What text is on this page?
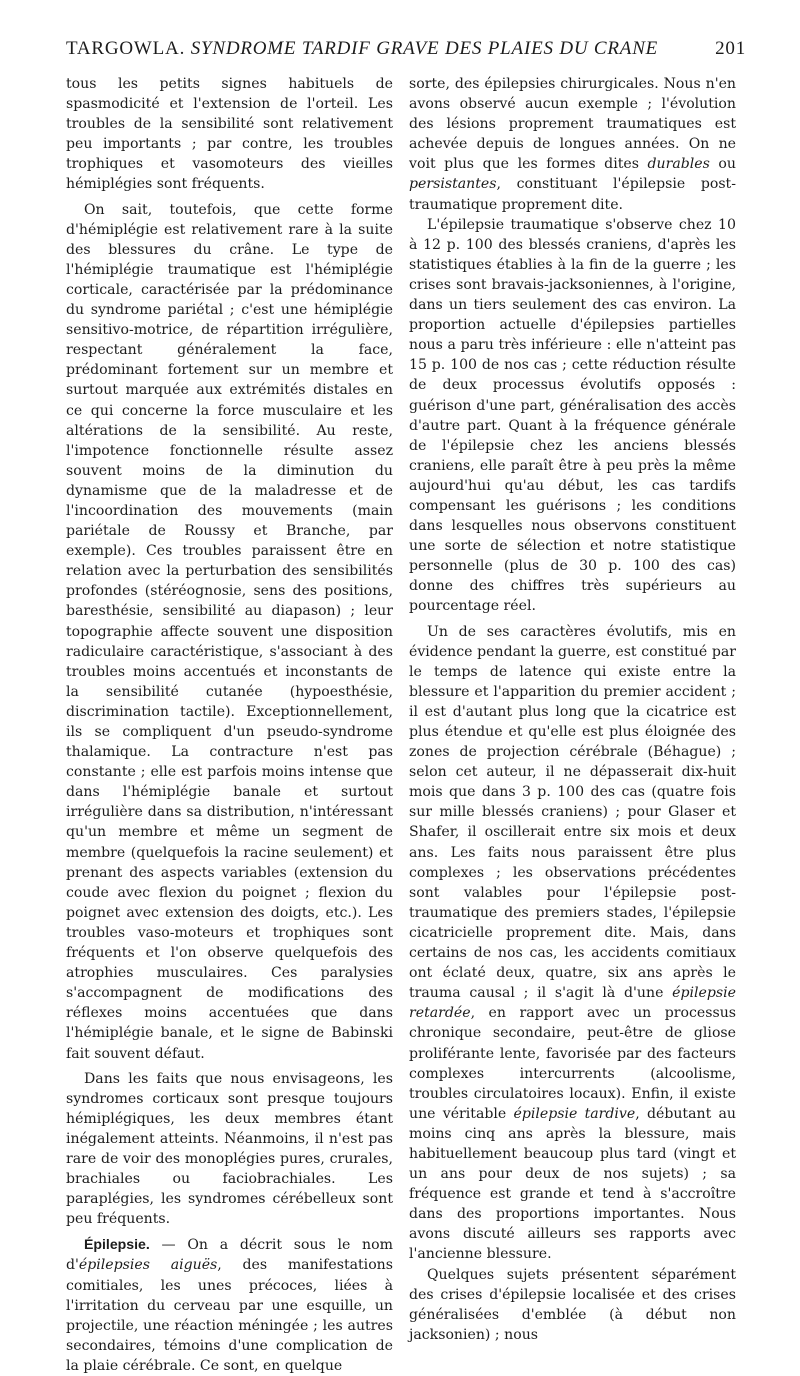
TARGOWLA. SYNDROME TARDIF GRAVE DES PLAIES DU CRANE	201

tous les petits signes habituels de spasmodicité et l'extension de l'orteil. Les troubles de la sensibilité sont relativement peu importants ; par contre, les troubles trophiques et vasomoteurs des vieilles hémiplégies sont fréquents.

On sait, toutefois, que cette forme d'hémiplégie est relativement rare à la suite des blessures du crâne. Le type de l'hémiplégie traumatique est l'hémiplégie corticale, caractérisée par la prédominance du syndrome pariétal ; c'est une hémiplégie sensitivo-motrice, de répartition irrégulière, respectant généralement la face, prédominant fortement sur un membre et surtout marquée aux extrémités distales en ce qui concerne la force musculaire et les altérations de la sensibilité. Au reste, l'impotence fonctionnelle résulte assez souvent moins de la diminution du dynamisme que de la maladresse et de l'incoordination des mouvements (main pariétale de Roussy et Branche, par exemple). Ces troubles paraissent être en relation avec la perturbation des sensibilités profondes (stéréognosie, sens des positions, baresthésie, sensibilité au diapason) ; leur topographie affecte souvent une disposition radiculaire caractéristique, s'associant à des troubles moins accentués et inconstants de la sensibilité cutanée (hypoesthésie, discrimination tactile). Exceptionnellement, ils se compliquent d'un pseudo-syndrome thalamique. La contracture n'est pas constante ; elle est parfois moins intense que dans l'hémiplégie banale et surtout irrégulière dans sa distribution, n'intéressant qu'un membre et même un segment de membre (quelquefois la racine seulement) et prenant des aspects variables (extension du coude avec flexion du poignet ; flexion du poignet avec extension des doigts, etc.). Les troubles vaso-moteurs et trophiques sont fréquents et l'on observe quelquefois des atrophies musculaires. Ces paralysies s'accompagnent de modifications des réflexes moins accentuées que dans l'hémiplégie banale, et le signe de Babinski fait souvent défaut.

Dans les faits que nous envisageons, les syndromes corticaux sont presque toujours hémiplégiques, les deux membres étant inégalement atteints. Néanmoins, il n'est pas rare de voir des monoplégies pures, crurales, brachiales ou faciobrachiales. Les paraplégies, les syndromes cérébelleux sont peu fréquents.

Épilepsie. — On a décrit sous le nom d'épilepsies aiguës, des manifestations comitiales, les unes précoces, liées à l'irritation du cerveau par une esquille, un projectile, une réaction méningée ; les autres secondaires, témoins d'une complication de la plaie cérébrale. Ce sont, en quelque

sorte, des épilepsies chirurgicales. Nous n'en avons observé aucun exemple ; l'évolution des lésions proprement traumatiques est achevée depuis de longues années. On ne voit plus que les formes dites durables ou persistantes, constituant l'épilepsie post-traumatique proprement dite.

L'épilepsie traumatique s'observe chez 10 à 12 p. 100 des blessés craniens, d'après les statistiques établies à la fin de la guerre ; les crises sont bravais-jacksoniennes, à l'origine, dans un tiers seulement des cas environ. La proportion actuelle d'épilepsies partielles nous a paru très inférieure : elle n'atteint pas 15 p. 100 de nos cas ; cette réduction résulte de deux processus évolutifs opposés : guérison d'une part, généralisation des accès d'autre part. Quant à la fréquence générale de l'épilepsie chez les anciens blessés craniens, elle paraît être à peu près la même aujourd'hui qu'au début, les cas tardifs compensant les guérisons ; les conditions dans lesquelles nous observons constituent une sorte de sélection et notre statistique personnelle (plus de 30 p. 100 des cas) donne des chiffres très supérieurs au pourcentage réel.

Un de ses caractères évolutifs, mis en évidence pendant la guerre, est constitué par le temps de latence qui existe entre la blessure et l'apparition du premier accident ; il est d'autant plus long que la cicatrice est plus étendue et qu'elle est plus éloignée des zones de projection cérébrale (Béhague) ; selon cet auteur, il ne dépasserait dix-huit mois que dans 3 p. 100 des cas (quatre fois sur mille blessés craniens) ; pour Glaser et Shafer, il oscillerait entre six mois et deux ans. Les faits nous paraissent être plus complexes ; les observations précédentes sont valables pour l'épilepsie post-traumatique des premiers stades, l'épilepsie cicatricielle proprement dite. Mais, dans certains de nos cas, les accidents comitiaux ont éclaté deux, quatre, six ans après le trauma causal ; il s'agit là d'une épilepsie retardée, en rapport avec un processus chronique secondaire, peut-être de gliose proliférante lente, favorisée par des facteurs complexes intercurrents (alcoolisme, troubles circulatoires locaux). Enfin, il existe une véritable épilepsie tardive, débutant au moins cinq ans après la blessure, mais habituellement beaucoup plus tard (vingt et un ans pour deux de nos sujets) ; sa fréquence est grande et tend à s'accroître dans des proportions importantes. Nous avons discuté ailleurs ses rapports avec l'ancienne blessure.

Quelques sujets présentent séparément des crises d'épilepsie localisée et des crises généralisées d'emblée (à début non jacksonien) ; nous
